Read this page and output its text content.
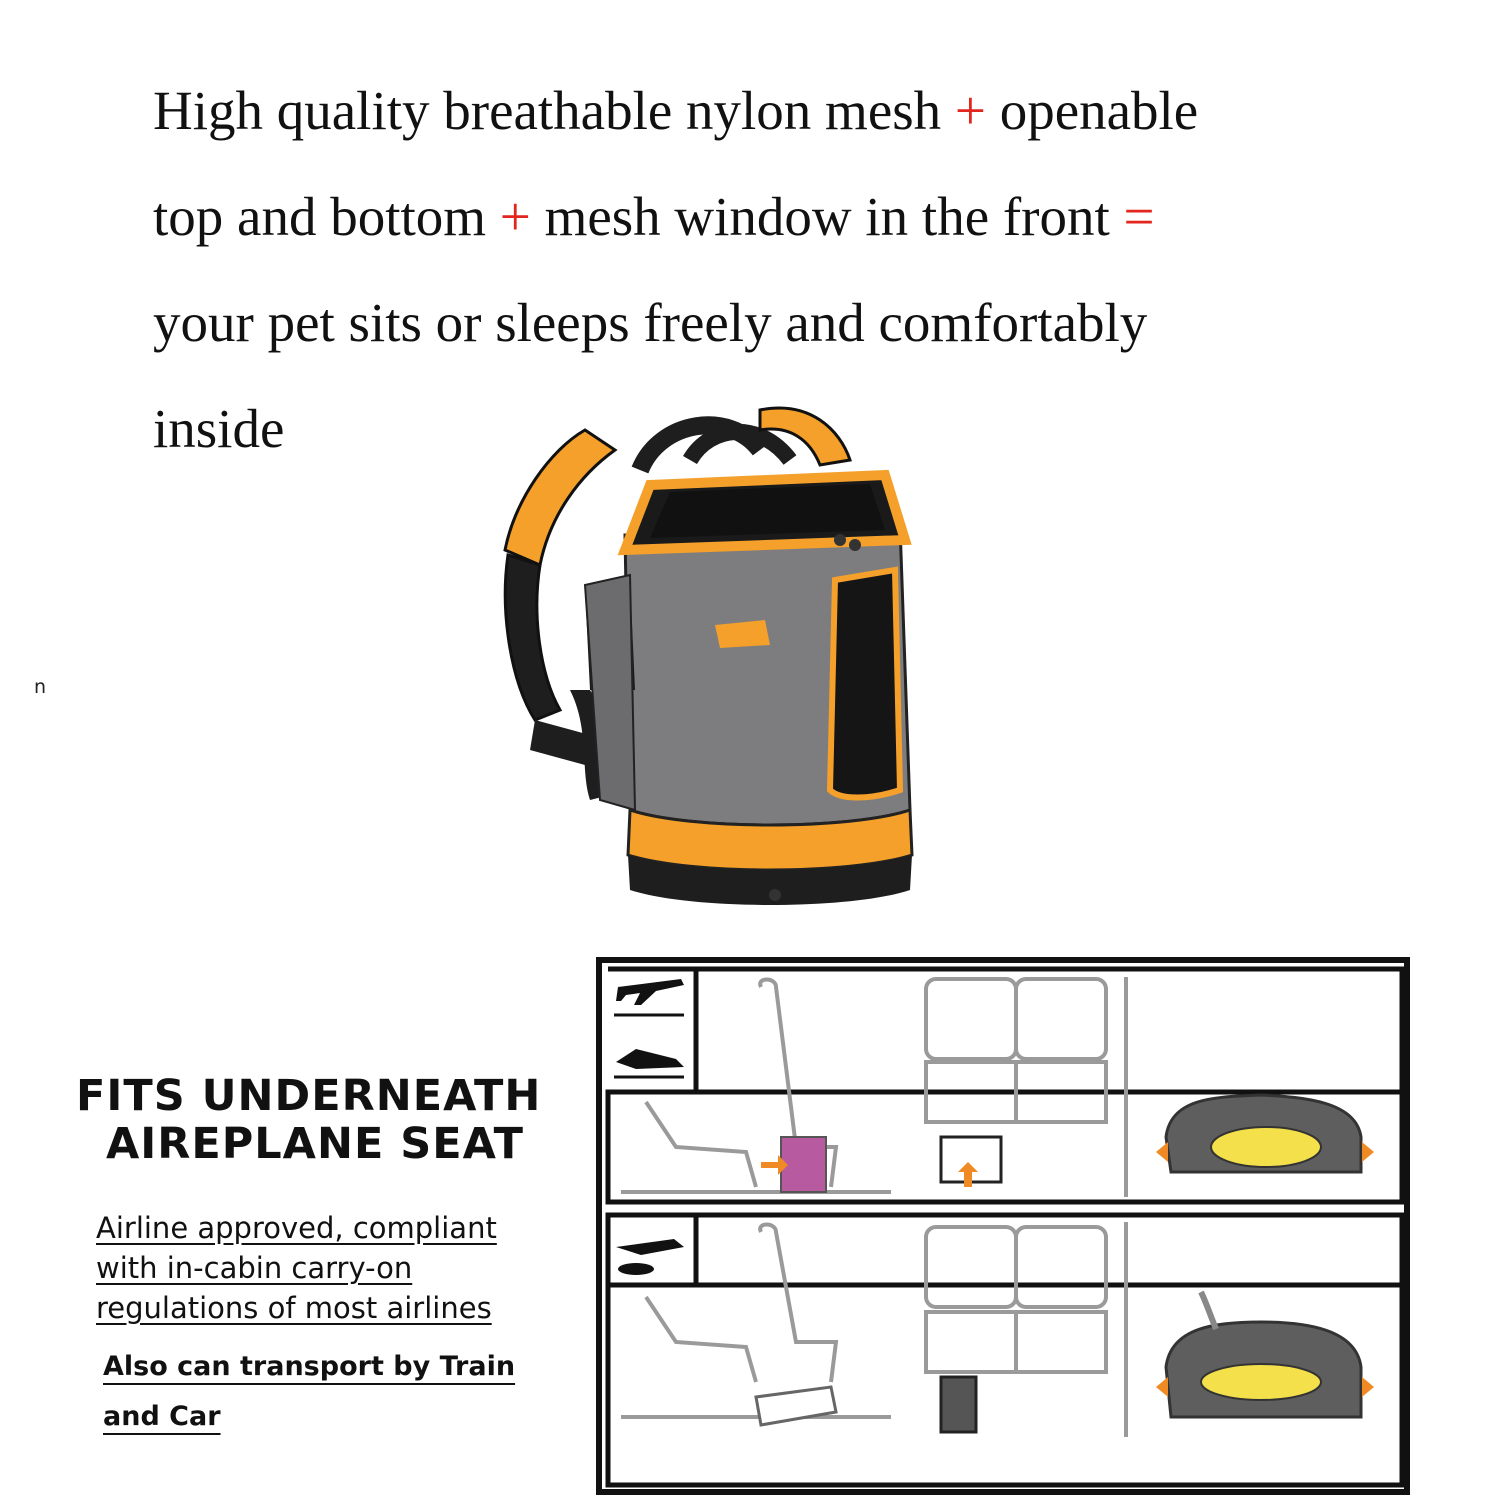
High quality breathable nylon mesh + openable
top and bottom + mesh window in the front =
your pet sits or sleeps freely and comfortably
inside
n
FITS UNDERNEATH
AIREPLANE SEAT
Airline approved, compliant
with in-cabin carry-on
regulations of most airlines
Also can transport by Train
and Car
